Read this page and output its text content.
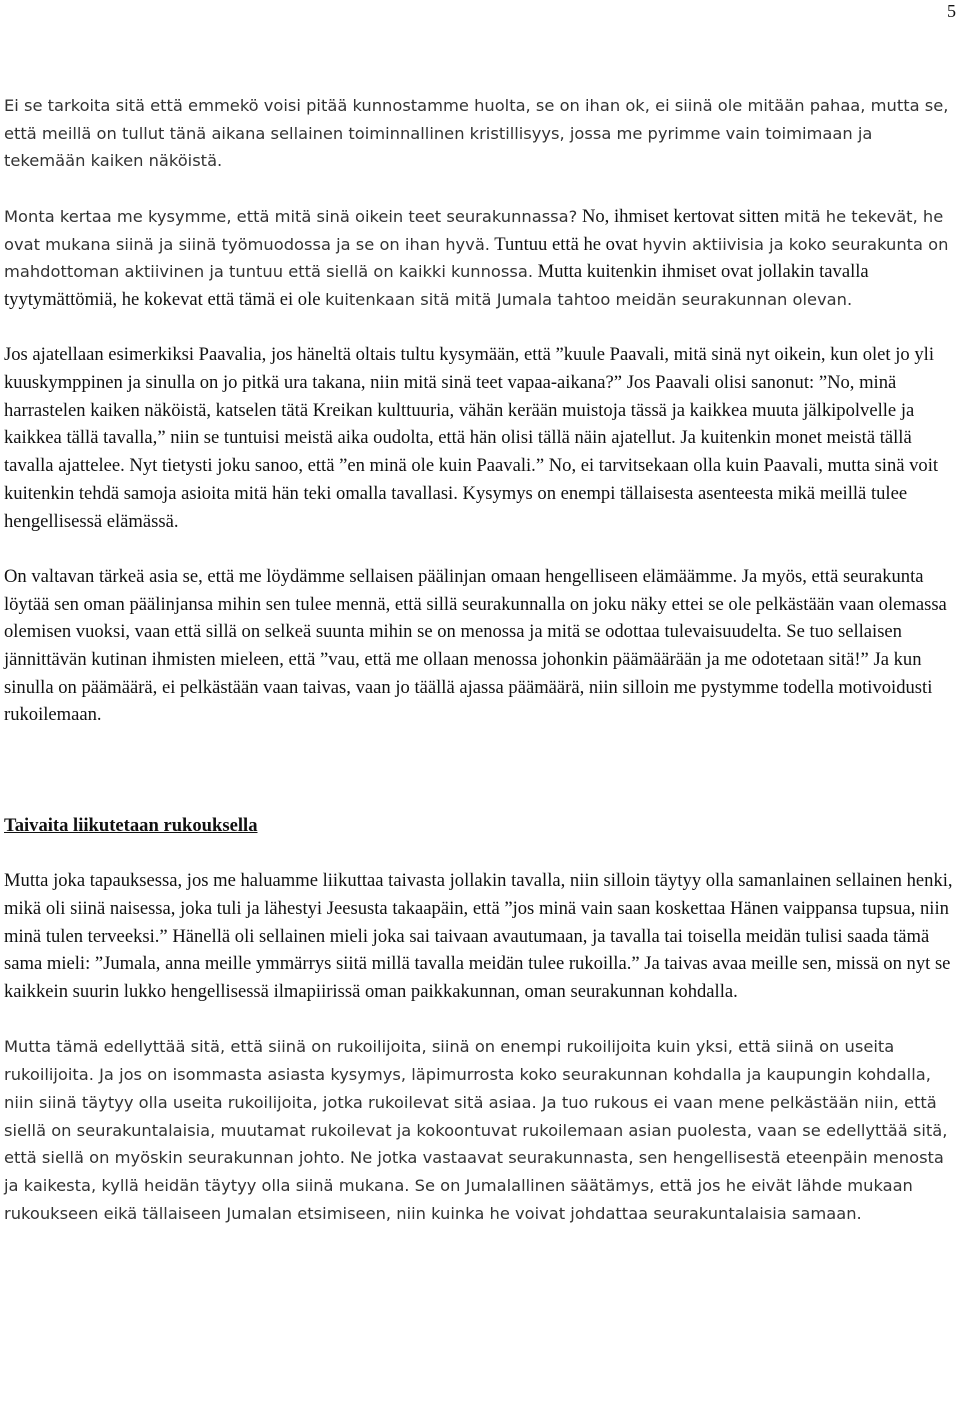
5

Ei se tarkoita sitä että emmekö voisi pitää kunnostamme huolta, se on ihan ok, ei siinä ole mitään pahaa, mutta se, että meillä on tullut tänä aikana sellainen toiminnallinen kristillisyys, jossa me pyrimme vain toimimaan ja tekemään kaiken näköistä.

Monta kertaa me kysymme, että mitä sinä oikein teet seurakunnassa? No, ihmiset kertovat sitten mitä he tekevät, he ovat mukana siinä ja siinä työmuodossa ja se on ihan hyvä. Tuntuu että he ovat hyvin aktiivisia ja koko seurakunta on mahdottoman aktiivinen ja tuntuu että siellä on kaikki kunnossa. Mutta kuitenkin ihmiset ovat jollakin tavalla tyytymättömiä, he kokevat että tämä ei ole kuitenkaan sitä mitä Jumala tahtoo meidän seurakunnan olevan.

Jos ajatellaan esimerkiksi Paavalia, jos häneltä oltais tultu kysymään, että ”kuule Paavali, mitä sinä nyt oikein, kun olet jo yli kuuskymppinen ja sinulla on jo pitkä ura takana, niin mitä sinä teet vapaa-aikana?” Jos Paavali olisi sanonut: ”No, minä harrastelen kaiken näköistä, katselen tätä Kreikan kulttuuria, vähän kerään muistoja tässä ja kaikkea muuta jälkipolvelle ja kaikkea tällä tavalla,” niin se tuntuisi meistä aika oudolta, että hän olisi tällä näin ajatellut. Ja kuitenkin monet meistä tällä tavalla ajattelee. Nyt tietysti joku sanoo, että ”en minä ole kuin Paavali.” No, ei tarvitsekaan olla kuin Paavali, mutta sinä voit kuitenkin tehdä samoja asioita mitä hän teki omalla tavallasi. Kysymys on enempi tällaisesta asenteesta mikä meillä tulee hengellisessä elämässä.

On valtavan tärkeä asia se, että me löydämme sellaisen päälinjan omaan hengelliseen elämäämme. Ja myös, että seurakunta löytää sen oman päälinjansa mihin sen tulee mennä, että sillä seurakunnalla on joku näky ettei se ole pelkästään vaan olemassa olemisen vuoksi, vaan että sillä on selkeä suunta mihin se on menossa ja mitä se odottaa tulevaisuudelta. Se tuo sellaisen jännittävän kutinan ihmisten mieleen, että ”vau, että me ollaan menossa johonkin päämäärään ja me odotetaan sitä!” Ja kun sinulla on päämäärä, ei pelkästään vaan taivas, vaan jo täällä ajassa päämäärä, niin silloin me pystymme todella motivoidusti rukoilemaan.

Taivaita liikutetaan rukouksella

Mutta joka tapauksessa, jos me haluamme liikuttaa taivasta jollakin tavalla, niin silloin täytyy olla samanlainen sellainen henki, mikä oli siinä naisessa, joka tuli ja lähestyi Jeesusta takaapäin, että ”jos minä vain saan koskettaa Hänen vaippansa tupsua, niin minä tulen terveeksi.” Hänellä oli sellainen mieli joka sai taivaan avautumaan, ja tavalla tai toisella meidän tulisi saada tämä sama mieli: ”Jumala, anna meille ymmärrys siitä millä tavalla meidän tulee rukoilla.” Ja taivas avaa meille sen, missä on nyt se kaikkein suurin lukko hengellisessä ilmapiirissä oman paikkakunnan, oman seurakunnan kohdalla.

Mutta tämä edellyttää sitä, että siinä on rukoilijoita, siinä on enempi rukoilijoita kuin yksi, että siinä on useita rukoilijoita. Ja jos on isommasta asiasta kysymys, läpimurrosta koko seurakunnan kohdalla ja kaupungin kohdalla, niin siinä täytyy olla useita rukoilijoita, jotka rukoilevat sitä asiaa. Ja tuo rukous ei vaan mene pelkästään niin, että siellä on seurakuntalaisia, muutamat rukoilevat ja kokoontuvat rukoilemaan asian puolesta, vaan se edellyttää sitä, että siellä on myöskin seurakunnan johto. Ne jotka vastaavat seurakunnasta, sen hengellisestä eteenpäin menosta ja kaikesta, kyllä heidän täytyy olla siinä mukana. Se on Jumalallinen säätämys, että jos he eivät lähde mukaan rukoukseen eikä tällaiseen Jumalan etsimiseen, niin kuinka he voivat johdattaa seurakuntalaisia samaan.
